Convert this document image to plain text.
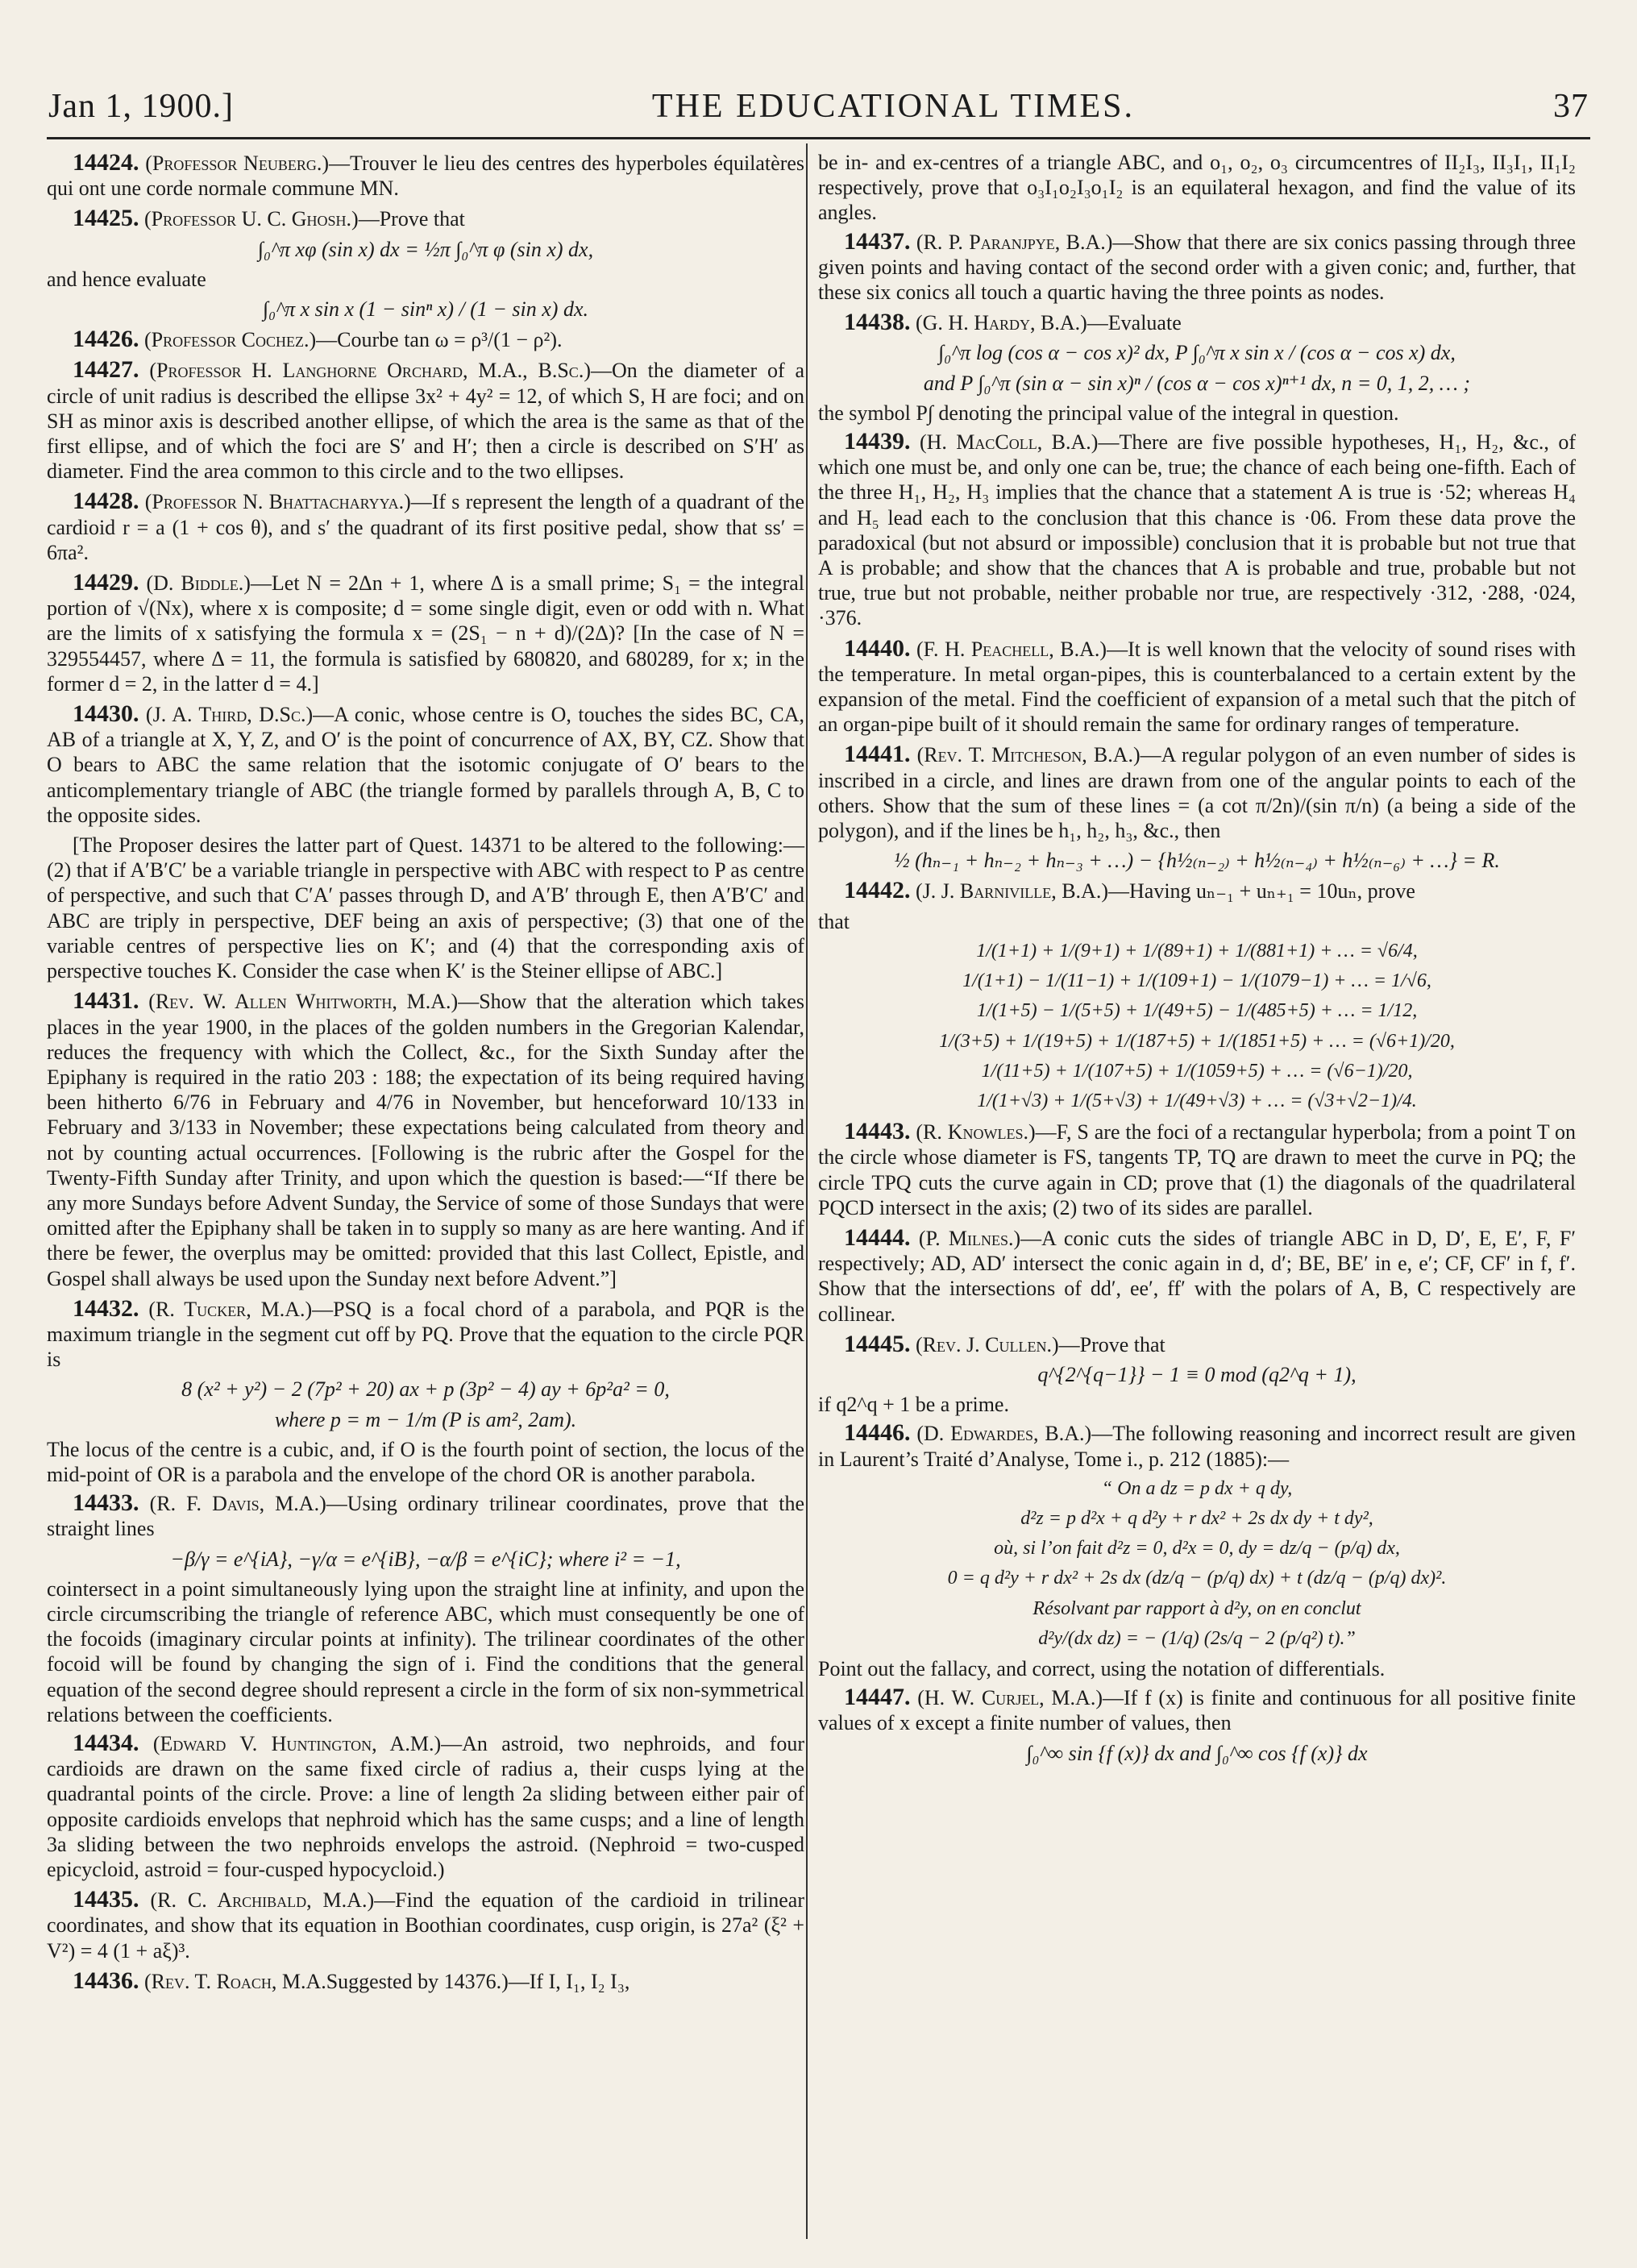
Jan 1, 1900.]	THE EDUCATIONAL TIMES.	37

14424. (Professor Neuberg.)—Trouver le lieu des centres des hyperboles équilatères qui ont une corde normale commune MN.

14425. (Professor U. C. Ghosh.)—Prove that

∫₀^π xφ (sin x) dx = ½π ∫₀^π φ (sin x) dx,
and hence evaluate
∫₀^π x sin x (1 − sinⁿ x) / (1 − sin x) dx.

14426. (Professor Cochez.)—Courbe tan ω = ρ³/(1 − ρ²).

14427. (Professor H. Langhorne Orchard, M.A., B.Sc.)—On the diameter of a circle of unit radius is described the ellipse 3x² + 4y² = 12, of which S, H are foci; and on SH as minor axis is described another ellipse, of which the area is the same as that of the first ellipse, and of which the foci are S′ and H′; then a circle is described on S′H′ as diameter. Find the area common to this circle and to the two ellipses.

14428. (Professor N. Bhattacharyya.)—If s represent the length of a quadrant of the cardioid r = a (1 + cos θ), and s′ the quadrant of its first positive pedal, show that ss′ = 6πa².

14429. (D. Biddle.)—Let N = 2Δn + 1, where Δ is a small prime; S₁ = the integral portion of √(Nx), where x is composite; d = some single digit, even or odd with n. What are the limits of x satisfying the formula x = (2S₁ − n + d)/(2Δ)? [In the case of N = 329554457, where Δ = 11, the formula is satisfied by 680820, and 680289, for x; in the former d = 2, in the latter d = 4.]

14430. (J. A. Third, D.Sc.)—A conic, whose centre is O, touches the sides BC, CA, AB of a triangle at X, Y, Z, and O′ is the point of concurrence of AX, BY, CZ. Show that O bears to ABC the same relation that the isotomic conjugate of O′ bears to the anticomplementary triangle of ABC (the triangle formed by parallels through A, B, C to the opposite sides.

[The Proposer desires the latter part of Quest. 14371 to be altered to the following:—(2) that if A′B′C′ be a variable triangle in perspective with ABC with respect to P as centre of perspective, and such that C′A′ passes through D, and A′B′ through E, then A′B′C′ and ABC are triply in perspective, DEF being an axis of perspective; (3) that one of the variable centres of perspective lies on K′; and (4) that the corresponding axis of perspective touches K. Consider the case when K′ is the Steiner ellipse of ABC.]

14431. (Rev. W. Allen Whitworth, M.A.)—Show that the alteration which takes places in the year 1900, in the places of the golden numbers in the Gregorian Kalendar, reduces the frequency with which the Collect, &c., for the Sixth Sunday after the Epiphany is required in the ratio 203 : 188; the expectation of its being required having been hitherto 6/76 in February and 4/76 in November, but henceforward 10/133 in February and 3/133 in November; these expectations being calculated from theory and not by counting actual occurrences. [Following is the rubric after the Gospel for the Twenty-Fifth Sunday after Trinity, and upon which the question is based:—“If there be any more Sundays before Advent Sunday, the Service of some of those Sundays that were omitted after the Epiphany shall be taken in to supply so many as are here wanting. And if there be fewer, the overplus may be omitted: provided that this last Collect, Epistle, and Gospel shall always be used upon the Sunday next before Advent.”]

14432. (R. Tucker, M.A.)—PSQ is a focal chord of a parabola, and PQR is the maximum triangle in the segment cut off by PQ. Prove that the equation to the circle PQR is

8 (x² + y²) − 2 (7p² + 20) ax + p (3p² − 4) ay + 6p²a² = 0,
where p = m − 1/m (P is am², 2am).

The locus of the centre is a cubic, and, if O is the fourth point of section, the locus of the mid-point of OR is a parabola and the envelope of the chord OR is another parabola.

14433. (R. F. Davis, M.A.)—Using ordinary trilinear coordinates, prove that the straight lines

−β/γ = e^{iA}, −γ/α = e^{iB}, −α/β = e^{iC}; where i² = −1,

cointersect in a point simultaneously lying upon the straight line at infinity, and upon the circle circumscribing the triangle of reference ABC, which must consequently be one of the focoids (imaginary circular points at infinity). The trilinear coordinates of the other focoid will be found by changing the sign of i. Find the conditions that the general equation of the second degree should represent a circle in the form of six non-symmetrical relations between the coefficients.

14434. (Edward V. Huntington, A.M.)—An astroid, two nephroids, and four cardioids are drawn on the same fixed circle of radius a, their cusps lying at the quadrantal points of the circle. Prove: a line of length 2a sliding between either pair of opposite cardioids envelops that nephroid which has the same cusps; and a line of length 3a sliding between the two nephroids envelops the astroid. (Nephroid = two-cusped epicycloid, astroid = four-cusped hypocycloid.)

14435. (R. C. Archibald, M.A.)—Find the equation of the cardioid in trilinear coordinates, and show that its equation in Boothian coordinates, cusp origin, is 27a² (ξ² + V²) = 4 (1 + aξ)³.

14436. (Rev. T. Roach, M.A.Suggested by 14376.)—If I, I₁, I₂ I₃,

be in- and ex-centres of a triangle ABC, and o₁, o₂, o₃ circumcentres of II₂I₃, II₃I₁, II₁I₂ respectively, prove that o₃I₁o₂I₃o₁I₂ is an equilateral hexagon, and find the value of its angles.

14437. (R. P. Paranjpye, B.A.)—Show that there are six conics passing through three given points and having contact of the second order with a given conic; and, further, that these six conics all touch a quartic having the three points as nodes.

14438. (G. H. Hardy, B.A.)—Evaluate

∫₀^π log (cos α − cos x)² dx, P ∫₀^π x sin x / (cos α − cos x) dx,
and P ∫₀^π (sin α − sin x)ⁿ / (cos α − cos x)ⁿ⁺¹ dx, n = 0, 1, 2, … ;

the symbol P∫ denoting the principal value of the integral in question.

14439. (H. MacColl, B.A.)—There are five possible hypotheses, H₁, H₂, &c., of which one must be, and only one can be, true; the chance of each being one-fifth. Each of the three H₁, H₂, H₃ implies that the chance that a statement A is true is ·52; whereas H₄ and H₅ lead each to the conclusion that this chance is ·06. From these data prove the paradoxical (but not absurd or impossible) conclusion that it is probable but not true that A is probable; and show that the chances that A is probable and true, probable but not true, true but not probable, neither probable nor true, are respectively ·312, ·288, ·024, ·376.

14440. (F. H. Peachell, B.A.)—It is well known that the velocity of sound rises with the temperature. In metal organ-pipes, this is counterbalanced to a certain extent by the expansion of the metal. Find the coefficient of expansion of a metal such that the pitch of an organ-pipe built of it should remain the same for ordinary ranges of temperature.

14441. (Rev. T. Mitcheson, B.A.)—A regular polygon of an even number of sides is inscribed in a circle, and lines are drawn from one of the angular points to each of the others. Show that the sum of these lines = (a cot π/2n)/(sin π/n) (a being a side of the polygon), and if the lines be h₁, h₂, h₃, &c., then

½ (hₙ₋₁ + hₙ₋₂ + hₙ₋₃ + …) − {h½₍ₙ₋₂₎ + h½₍ₙ₋₄₎ + h½₍ₙ₋₆₎ + …} = R.

14442. (J. J. Barniville, B.A.)—Having uₙ₋₁ + uₙ₊₁ = 10uₙ, prove

that
1/(1+1) + 1/(9+1) + 1/(89+1) + 1/(881+1) + … = √6/4,
1/(1+1) − 1/(11−1) + 1/(109+1) − 1/(1079−1) + … = 1/√6,
1/(1+5) − 1/(5+5) + 1/(49+5) − 1/(485+5) + … = 1/12,
1/(3+5) + 1/(19+5) + 1/(187+5) + 1/(1851+5) + … = (√6+1)/20,
1/(11+5) + 1/(107+5) + 1/(1059+5) + … = (√6−1)/20,
1/(1+√3) + 1/(5+√3) + 1/(49+√3) + … = (√3+√2−1)/4.

14443. (R. Knowles.)—F, S are the foci of a rectangular hyperbola; from a point T on the circle whose diameter is FS, tangents TP, TQ are drawn to meet the curve in PQ; the circle TPQ cuts the curve again in CD; prove that (1) the diagonals of the quadrilateral PQCD intersect in the axis; (2) two of its sides are parallel.

14444. (P. Milnes.)—A conic cuts the sides of triangle ABC in D, D′, E, E′, F, F′ respectively; AD, AD′ intersect the conic again in d, d′; BE, BE′ in e, e′; CF, CF′ in f, f′. Show that the intersections of dd′, ee′, ff′ with the polars of A, B, C respectively are collinear.

14445. (Rev. J. Cullen.)—Prove that

q^{2^{q−1}} − 1 ≡ 0 mod (q2^q + 1),

if q2^q + 1 be a prime.

14446. (D. Edwardes, B.A.)—The following reasoning and incorrect result are given in Laurent’s Traité d’Analyse, Tome i., p. 212 (1885):—

“ On a dz = p dx + q dy,
d²z = p d²x + q d²y + r dx² + 2s dx dy + t dy²,
où, si l’on fait d²z = 0, d²x = 0, dy = dz/q − (p/q) dx,
0 = q d²y + r dx² + 2s dx (dz/q − (p/q) dx) + t (dz/q − (p/q) dx)².
Résolvant par rapport à d²y, on en conclut
d²y/(dx dz) = − (1/q) (2s/q − 2 (p/q²) t).”

Point out the fallacy, and correct, using the notation of differentials.

14447. (H. W. Curjel, M.A.)—If f (x) is finite and continuous for all positive finite values of x except a finite number of values, then

∫₀^∞ sin {f (x)} dx and ∫₀^∞ cos {f (x)} dx
